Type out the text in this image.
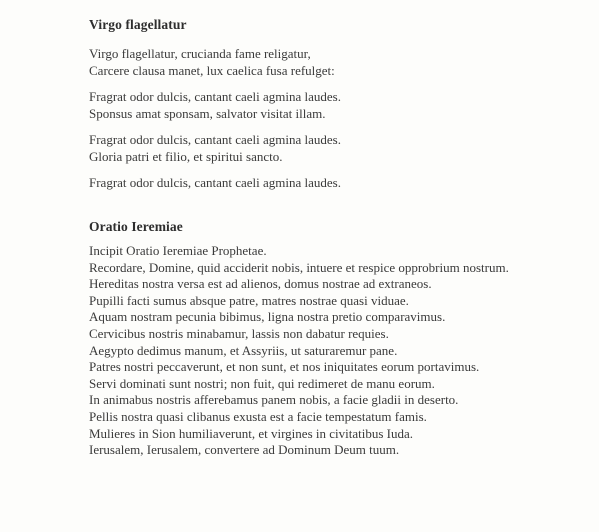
Virgo flagellatur
Virgo flagellatur, crucianda fame religatur,
Carcere clausa manet, lux caelica fusa refulget:
Fragrat odor dulcis, cantant caeli agmina laudes.
Sponsus amat sponsam, salvator visitat illam.
Fragrat odor dulcis, cantant caeli agmina laudes.
Gloria patri et filio, et spiritui sancto.
Fragrat odor dulcis, cantant caeli agmina laudes.
Oratio Ieremiae
Incipit Oratio Ieremiae Prophetae.
Recordare, Domine, quid acciderit nobis, intuere et respice opprobrium nostrum.
Hereditas nostra versa est ad alienos, domus nostrae ad extraneos.
Pupilli facti sumus absque patre, matres nostrae quasi viduae.
Aquam nostram pecunia bibimus, ligna nostra pretio comparavimus.
Cervicibus nostris minabamur, lassis non dabatur requies.
Aegypto dedimus manum, et Assyriis, ut saturaremur pane.
Patres nostri peccaverunt, et non sunt, et nos iniquitates eorum portavimus.
Servi dominati sunt nostri; non fuit, qui redimeret de manu eorum.
In animabus nostris afferebamus panem nobis, a facie gladii in deserto.
Pellis nostra quasi clibanus exusta est a facie tempestatum famis.
Mulieres in Sion humiliaverunt, et virgines in civitatibus Iuda.
Ierusalem, Ierusalem, convertere ad Dominum Deum tuum.
